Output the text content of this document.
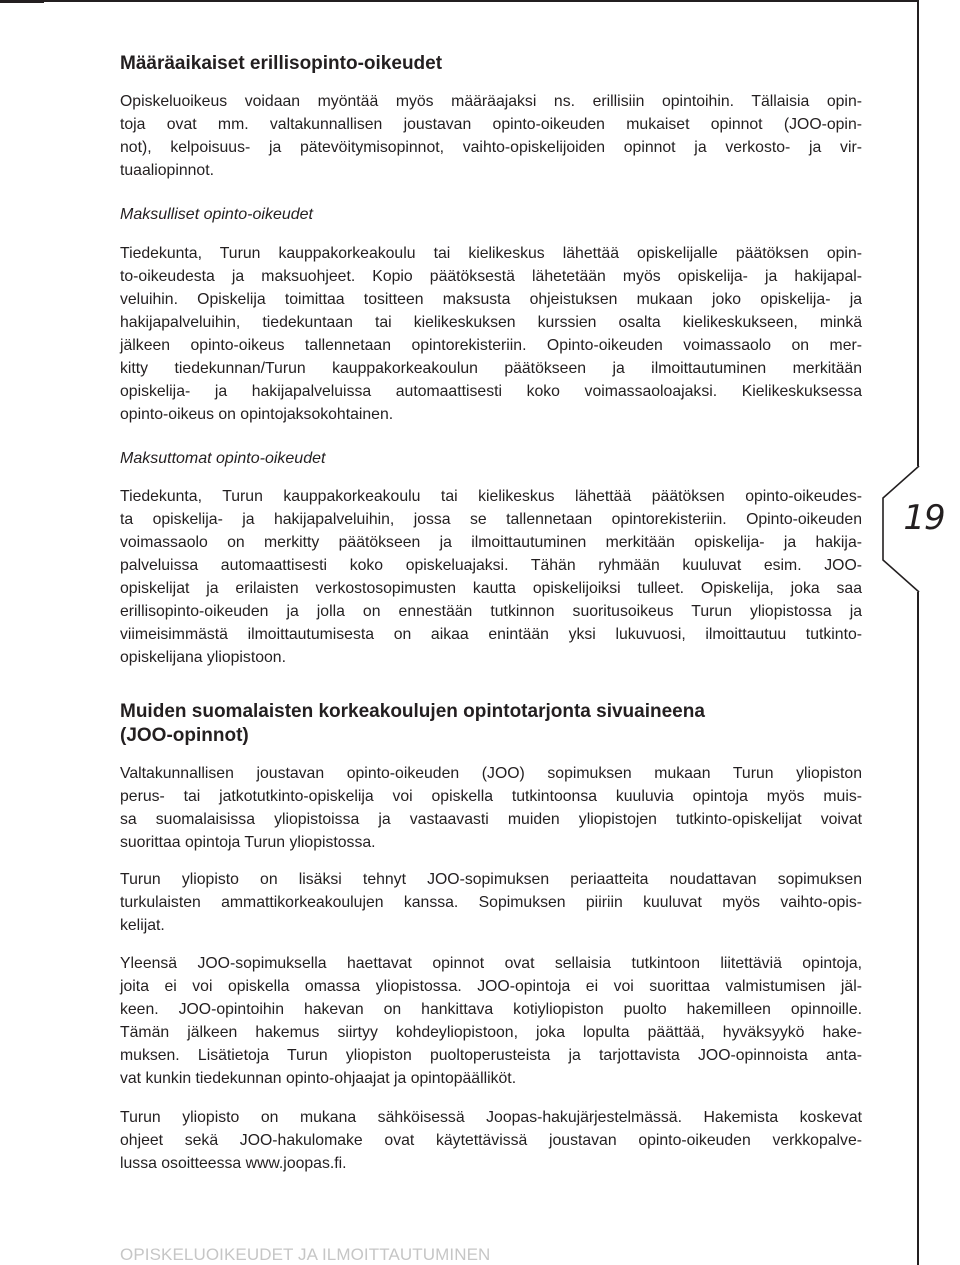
19
Määräaikaiset erillisopinto-oikeudet
Opiskeluoikeus voidaan myöntää myös määräajaksi ns. erillisiin opintoihin. Tällaisia opin-
toja ovat mm. valtakunnallisen joustavan opinto-oikeuden mukaiset opinnot (JOO-opin-
not), kelpoisuus- ja pätevöitymisopinnot, vaihto-opiskelijoiden opinnot ja verkosto- ja vir-
tuaaliopinnot.
Maksulliset opinto-oikeudet
Tiedekunta, Turun kauppakorkeakoulu tai kielikeskus lähettää opiskelijalle päätöksen opin-
to-oikeudesta ja maksuohjeet. Kopio päätöksestä lähetetään myös opiskelija- ja hakijapal-
veluihin. Opiskelija toimittaa tositteen maksusta ohjeistuksen mukaan joko opiskelija- ja
hakijapalveluihin, tiedekuntaan tai kielikeskuksen kurssien osalta kielikeskukseen, minkä
jälkeen opinto-oikeus tallennetaan opintorekisteriin. Opinto-oikeuden voimassaolo on mer-
kitty tiedekunnan/Turun kauppakorkeakoulun päätökseen ja ilmoittautuminen merkitään
opiskelija- ja hakijapalveluissa automaattisesti koko voimassaoloajaksi. Kielikeskuksessa
opinto-oikeus on opintojaksokohtainen.
Maksuttomat opinto-oikeudet
Tiedekunta, Turun kauppakorkeakoulu tai kielikeskus lähettää päätöksen opinto-oikeudes-
ta opiskelija- ja hakijapalveluihin, jossa se tallennetaan opintorekisteriin. Opinto-oikeuden
voimassaolo on merkitty päätökseen ja ilmoittautuminen merkitään opiskelija- ja hakija-
palveluissa automaattisesti koko opiskeluajaksi. Tähän ryhmään kuuluvat esim. JOO-
opiskelijat ja erilaisten verkostosopimusten kautta opiskelijoiksi tulleet. Opiskelija, joka saa
erillisopinto-oikeuden ja jolla on ennestään tutkinnon suoritusoikeus Turun yliopistossa ja
viimeisimmästä ilmoittautumisesta on aikaa enintään yksi lukuvuosi, ilmoittautuu tutkinto-
opiskelijana yliopistoon.
Muiden suomalaisten korkeakoulujen opintotarjonta sivuaineena
(JOO-opinnot)
Valtakunnallisen joustavan opinto-oikeuden (JOO) sopimuksen mukaan Turun yliopiston
perus- tai jatkotutkinto-opiskelija voi opiskella tutkintoonsa kuuluvia opintoja myös muis-
sa suomalaisissa yliopistoissa ja vastaavasti muiden yliopistojen tutkinto-opiskelijat voivat
suorittaa opintoja Turun yliopistossa.
Turun yliopisto on lisäksi tehnyt JOO-sopimuksen periaatteita noudattavan sopimuksen
turkulaisten ammattikorkeakoulujen kanssa. Sopimuksen piiriin kuuluvat myös vaihto-opis-
kelijat.
Yleensä JOO-sopimuksella haettavat opinnot ovat sellaisia tutkintoon liitettäviä opintoja,
joita ei voi opiskella omassa yliopistossa. JOO-opintoja ei voi suorittaa valmistumisen jäl-
keen. JOO-opintoihin hakevan on hankittava kotiyliopiston puolto hakemilleen opinnoille.
Tämän jälkeen hakemus siirtyy kohdeyliopistoon, joka lopulta päättää, hyväksyykö hake-
muksen. Lisätietoja Turun yliopiston puoltoperusteista ja tarjottavista JOO-opinnoista anta-
vat kunkin tiedekunnan opinto-ohjaajat ja opintopäälliköt.
Turun yliopisto on mukana sähköisessä Joopas-hakujärjestelmässä. Hakemista koskevat
ohjeet sekä JOO-hakulomake ovat käytettävissä joustavan opinto-oikeuden verkkopalve-
lussa osoitteessa www.joopas.fi.
OPISKELUOIKEUDET JA ILMOITTAUTUMINEN
